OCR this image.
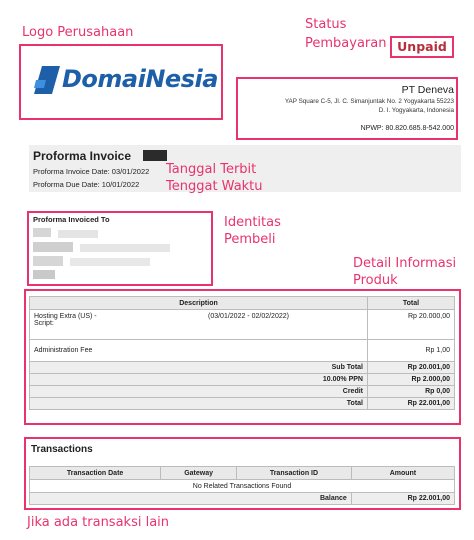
Logo Perusahaan
DomaiNesia
Status
Pembayaran Unpaid
PT Deneva
YAP Square C-5, Jl. C. Simanjuntak No. 2 Yogyakarta 55223
D. I. Yogyakarta, Indonesia
NPWP: 80.820.685.8-542.000
Proforma Invoice
Proforma Invoice Date: 03/01/2022
Proforma Due Date: 10/01/2022
Tanggal Terbit
Tenggat Waktu
Proforma Invoiced To	Identitas
Pembeli
Detail Informasi
Produk
Description	Total

Hosting Extra (US) -
Script:
(03/01/2022 - 02/02/2022)	Rp 20.000,00
Administration Fee	Rp 1,00
Sub Total	Rp 20.001,00
10.00% PPN	Rp 2.000,00
Credit	Rp 0,00
Total	Rp 22.001,00
Transactions
Transaction Date	Gateway	Transaction ID	Amount
No Related Transactions Found			
Balance			Rp 22.001,00
Jika ada transaksi lain
